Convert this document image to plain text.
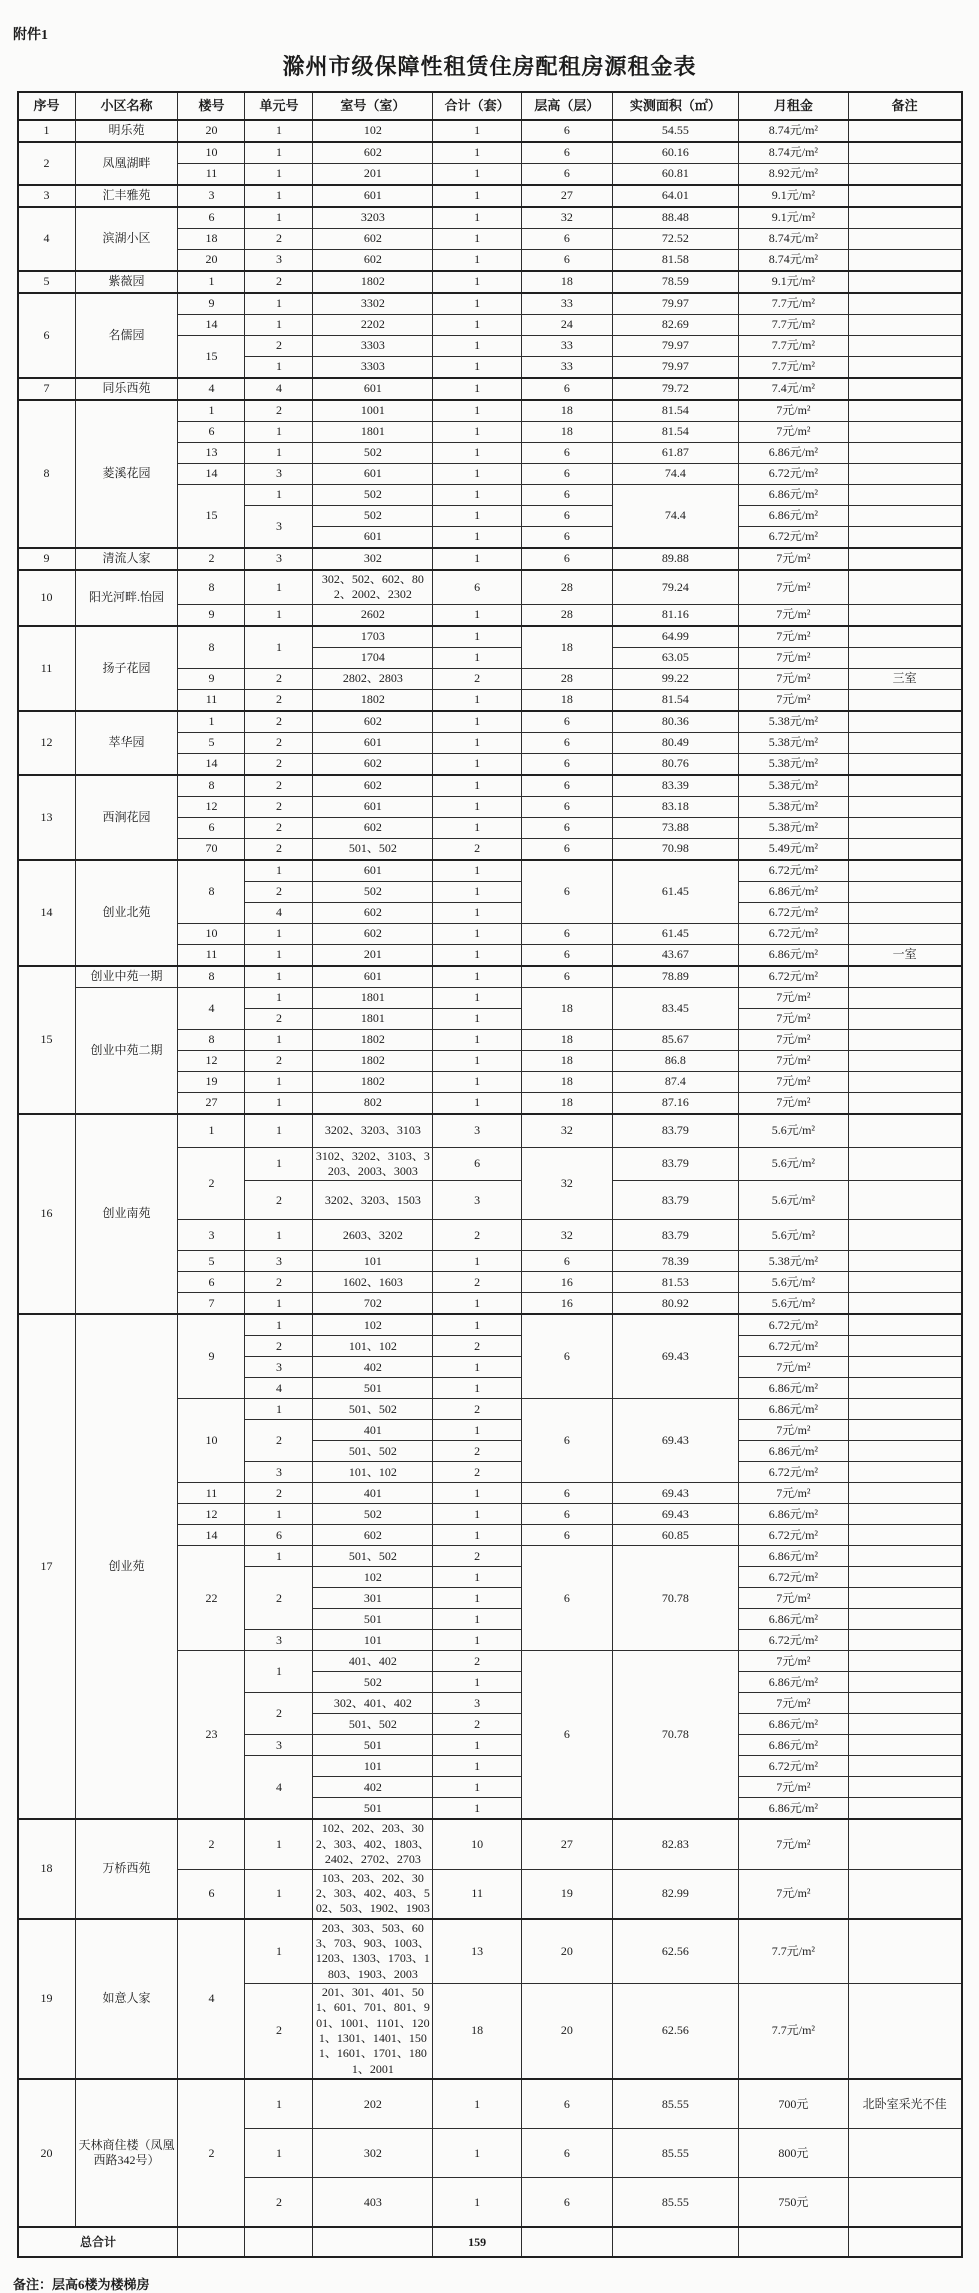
附件1
滁州市级保障性租赁住房配租房源租金表
序号	小区名称	楼号	单元号	室号（室）	合计（套）	层高（层）	实测面积（㎡）	月租金	备注
1	明乐苑	20	1	102	1	6	54.55	8.74元/m²	
2	凤凰湖畔	10	1	602	1	6	60.16	8.74元/m²	
		11	1	201	1	6	60.81	8.92元/m²	
3	汇丰雅苑	3	1	601	1	27	64.01	9.1元/m²	
4	滨湖小区	6	1	3203	1	32	88.48	9.1元/m²	
		18	2	602	1	6	72.52	8.74元/m²	
		20	3	602	1	6	81.58	8.74元/m²	
5	紫薇园	1	2	1802	1	18	78.59	9.1元/m²	
6	名儒园	9	1	3302	1	33	79.97	7.7元/m²	
		14	1	2202	1	24	82.69	7.7元/m²	
		15	2	3303	1	33	79.97	7.7元/m²	
			1	3303	1	33	79.97	7.7元/m²	
7	同乐西苑	4	4	601	1	6	79.72	7.4元/m²	
8	菱溪花园	1	2	1001	1	18	81.54	7元/m²	
		6	1	1801	1	18	81.54	7元/m²	
		13	1	502	1	6	61.87	6.86元/m²	
		14	3	601	1	6	74.4	6.72元/m²	
		15	1	502	1	6	74.4	6.86元/m²	
			3	502	1	6		6.86元/m²	
				601	1	6		6.72元/m²	
9	清流人家	2	3	302	1	6	89.88	7元/m²	
10	阳光河畔.怡园	8	1	302、502、602、802、2002、2302	6	28	79.24	7元/m²	
		9	1	2602	1	28	81.16	7元/m²	
11	扬子花园	8	1	1703	1	18	64.99	7元/m²	
				1704	1		63.05	7元/m²	
		9	2	2802、2803	2	28	99.22	7元/m²	三室
		11	2	1802	1	18	81.54	7元/m²	
12	萃华园	1	2	602	1	6	80.36	5.38元/m²	
		5	2	601	1	6	80.49	5.38元/m²	
		14	2	602	1	6	80.76	5.38元/m²	
13	西涧花园	8	2	602	1	6	83.39	5.38元/m²	
		12	2	601	1	6	83.18	5.38元/m²	
		6	2	602	1	6	73.88	5.38元/m²	
		70	2	501、502	2	6	70.98	5.49元/m²	
14	创业北苑	8	1	601	1	6	61.45	6.72元/m²	
			2	502	1			6.86元/m²	
			4	602	1			6.72元/m²	
		10	1	602	1	6	61.45	6.72元/m²	
		11	1	201	1	6	43.67	6.86元/m²	一室
15	创业中苑一期	8	1	601	1	6	78.89	6.72元/m²	
	创业中苑二期	4	1	1801	1	18	83.45	7元/m²	
			2	1801	1			7元/m²	
		8	1	1802	1	18	85.67	7元/m²	
		12	2	1802	1	18	86.8	7元/m²	
		19	1	1802	1	18	87.4	7元/m²	
		27	1	802	1	18	87.16	7元/m²	
16	创业南苑	1	1	3202、3203、3103	3	32	83.79	5.6元/m²	
		2	1	3102、3202、3103、3203、2003、3003	6	32	83.79	5.6元/m²	
			2	3202、3203、1503	3		83.79	5.6元/m²	
		3	1	2603、3202	2	32	83.79	5.6元/m²	
		5	3	101	1	6	78.39	5.38元/m²	
		6	2	1602、1603	2	16	81.53	5.6元/m²	
		7	1	702	1	16	80.92	5.6元/m²	
17	创业苑	9	1	102	1	6	69.43	6.72元/m²	
			2	101、102	2			6.72元/m²	
			3	402	1			7元/m²	
			4	501	1			6.86元/m²	
		10	1	501、502	2	6	69.43	6.86元/m²	
			2	401	1			7元/m²	
				501、502	2			6.86元/m²	
			3	101、102	2			6.72元/m²	
		11	2	401	1	6	69.43	7元/m²	
		12	1	502	1	6	69.43	6.86元/m²	
		14	6	602	1	6	60.85	6.72元/m²	
		22	1	501、502	2	6	70.78	6.86元/m²	
			2	102	1			6.72元/m²	
				301	1			7元/m²	
				501	1			6.86元/m²	
			3	101	1			6.72元/m²	
		23	1	401、402	2	6	70.78	7元/m²	
				502	1			6.86元/m²	
			2	302、401、402	3			7元/m²	
				501、502	2			6.86元/m²	
			3	501	1			6.86元/m²	
			4	101	1			6.72元/m²	
				402	1			7元/m²	
				501	1			6.86元/m²	
18	万桥西苑	2	1	102、202、203、302、303、402、1803、2402、2702、2703	10	27	82.83	7元/m²	
		6	1	103、203、202、302、303、402、403、502、503、1902、1903	11	19	82.99	7元/m²	
19	如意人家	4	1	203、303、503、603、703、903、1003、1203、1303、1703、1803、1903、2003	13	20	62.56	7.7元/m²	
			2	201、301、401、501、601、701、801、901、1001、1101、1201、1301、1401、1501、1601、1701、1801、2001	18	20	62.56	7.7元/m²	
20	天林商住楼（凤凰西路342号）	2	1	202	1	6	85.55	700元	北卧室采光不佳
			1	302	1	6	85.55	800元	
			2	403	1	6	85.55	750元	
总合计					159				
备注：层高6楼为楼梯房
